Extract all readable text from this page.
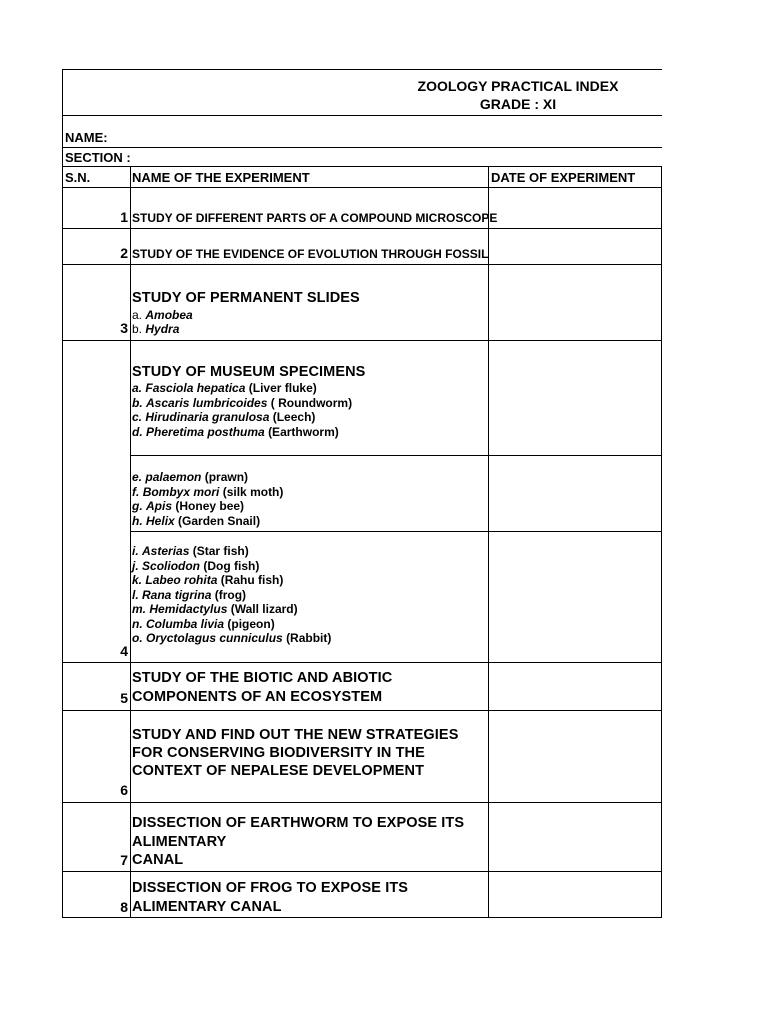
ZOOLOGY PRACTICAL INDEX
GRADE : XI
NAME:
SECTION :
S.N.	NAME OF THE EXPERIMENT	DATE OF EXPERIMENT
1 STUDY OF DIFFERENT PARTS OF A COMPOUND MICROSCOPE
2 STUDY OF THE EVIDENCE OF EVOLUTION THROUGH FOSSIL
STUDY OF PERMANENT SLIDES
a. Amobea
b. Hydra
3
STUDY OF MUSEUM SPECIMENS
a. Fasciola hepatica (Liver fluke)
b. Ascaris lumbricoides ( Roundworm)
c. Hirudinaria granulosa (Leech)
d. Pheretima posthuma (Earthworm)
e. palaemon (prawn)
f. Bombyx mori (silk moth)
g. Apis (Honey bee)
h. Helix (Garden Snail)
i. Asterias (Star fish)
j. Scoliodon (Dog fish)
k. Labeo rohita (Rahu fish)
l. Rana tigrina (frog)
m. Hemidactylus (Wall lizard)
n. Columba livia (pigeon)
o. Oryctolagus cunniculus (Rabbit)
4
STUDY OF THE BIOTIC AND ABIOTIC
COMPONENTS OF AN ECOSYSTEM
5
STUDY AND FIND OUT THE NEW STRATEGIES
FOR CONSERVING BIODIVERSITY IN THE
CONTEXT OF NEPALESE DEVELOPMENT
6
DISSECTION OF EARTHWORM TO EXPOSE ITS
ALIMENTARY
CANAL
7
DISSECTION OF FROG TO EXPOSE ITS
ALIMENTARY CANAL
8
